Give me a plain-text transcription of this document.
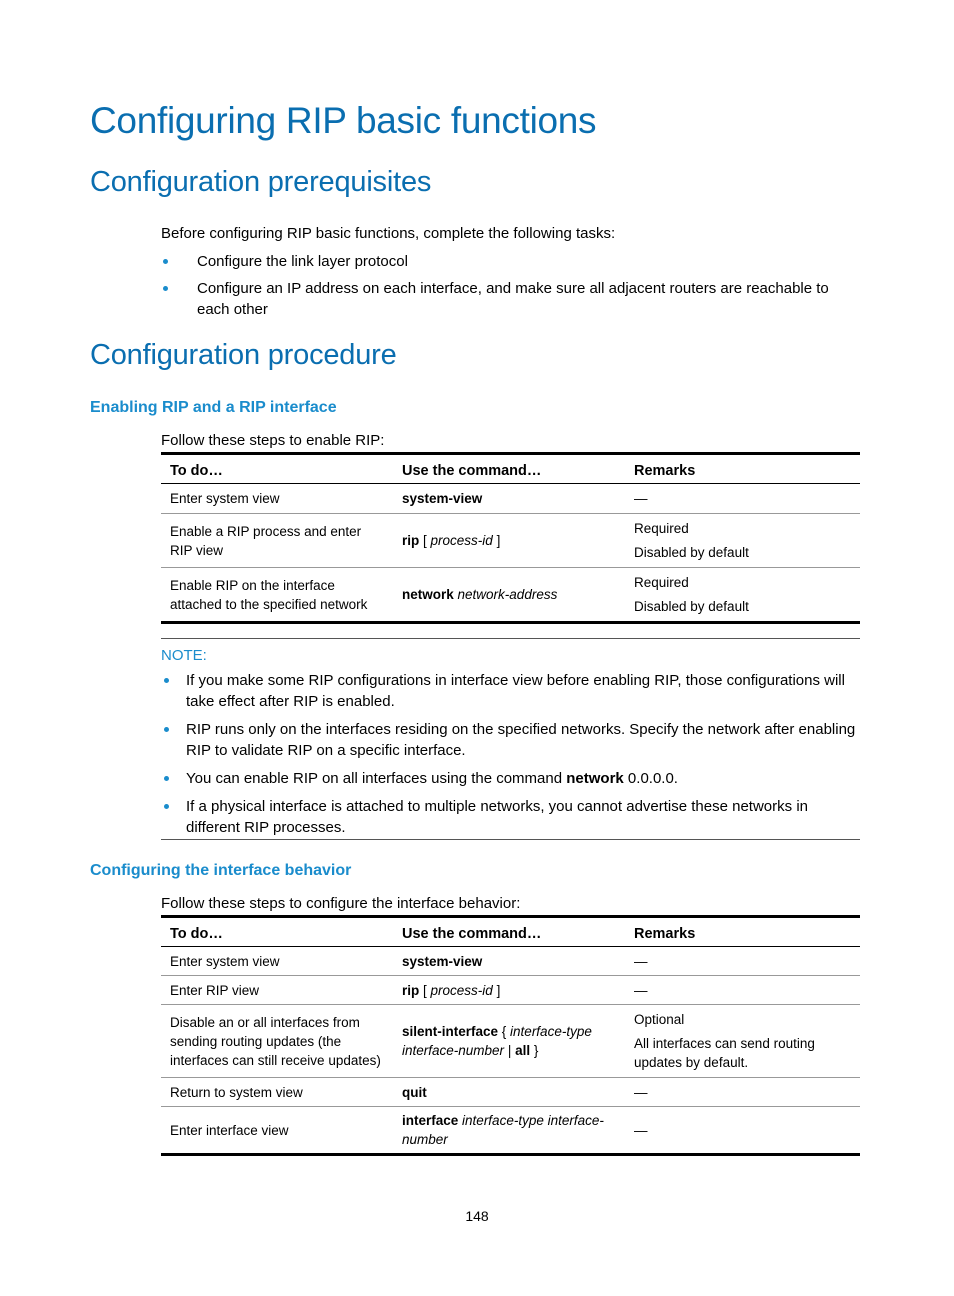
Configuring RIP basic functions
Configuration prerequisites
Before configuring RIP basic functions, complete the following tasks:
Configure the link layer protocol
Configure an IP address on each interface, and make sure all adjacent routers are reachable to each other
Configuration procedure
Enabling RIP and a RIP interface
Follow these steps to enable RIP:
To do…	Use the command…	Remarks
Enter system view	system-view	—
Enable a RIP process and enter RIP view	rip [ process-id ]	Required
Disabled by default

Enable RIP on the interface attached to the specified network	network network-address	Required
Disabled by default
NOTE:
If you make some RIP configurations in interface view before enabling RIP, those configurations will take effect after RIP is enabled.
RIP runs only on the interfaces residing on the specified networks. Specify the network after enabling RIP to validate RIP on a specific interface.
You can enable RIP on all interfaces using the command network 0.0.0.0.
If a physical interface is attached to multiple networks, you cannot advertise these networks in different RIP processes.
Configuring the interface behavior
Follow these steps to configure the interface behavior:
To do…	Use the command…	Remarks
Enter system view	system-view	—
Enter RIP view	rip [ process-id ]	—
Disable an or all interfaces from sending routing updates (the interfaces can still receive updates)	silent-interface { interface-type interface-number | all }	Optional
All interfaces can send routing updates by default.

Return to system view	quit	—
Enter interface view	interface interface-type interface-number	—
148
